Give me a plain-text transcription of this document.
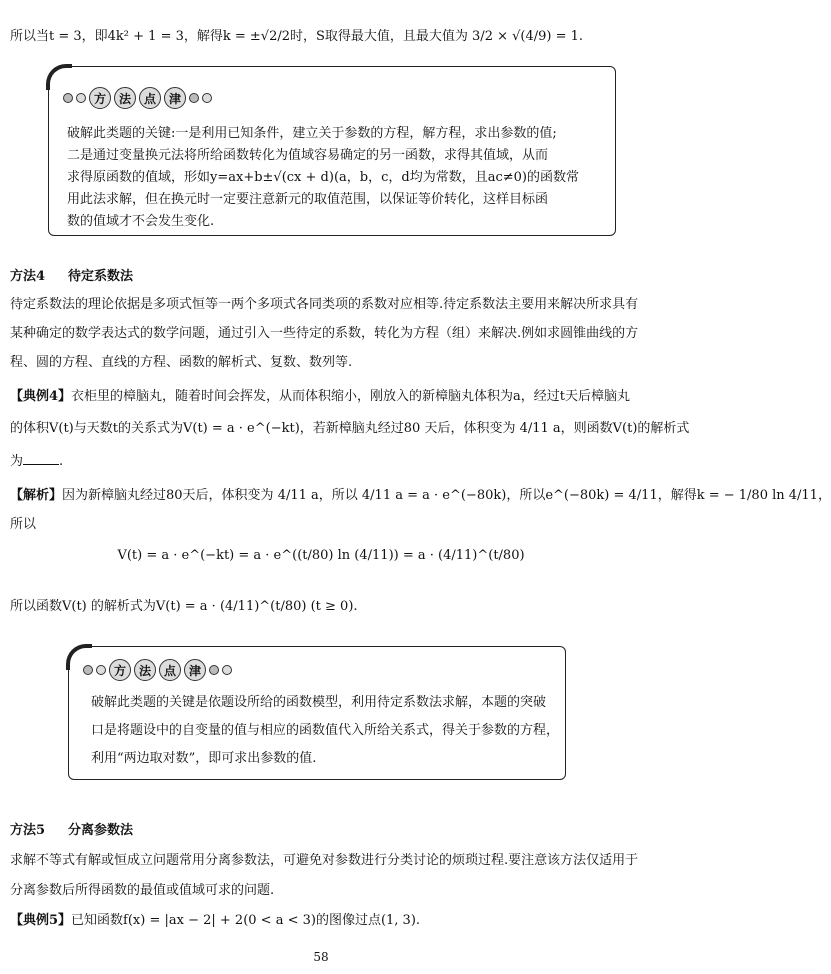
所以当t = 3，即4k² + 1 = 3，解得k = ±√2/2时，S取得最大值，且最大值为 3/2 × √(4/9) = 1.
方	法	点	津
破解此类题的关键:一是利用已知条件，建立关于参数的方程，解方程，求出参数的值;
二是通过变量换元法将所给函数转化为值域容易确定的另一函数，求得其值域，从而
求得原函数的值域，形如y=ax+b±√(cx + d)(a，b，c，d均为常数，且ac≠0)的函数常
用此法求解，但在换元时一定要注意新元的取值范围，以保证等价转化，这样目标函
数的值域才不会发生变化.
方法4 待定系数法
待定系数法的理论依据是多项式恒等一两个多项式各同类项的系数对应相等.待定系数法主要用来解决所求具有
某种确定的数学表达式的数学问题，通过引入一些待定的系数，转化为方程（组）来解决.例如求圆锥曲线的方
程、圆的方程、直线的方程、函数的解析式、复数、数列等.
【典例4】衣柜里的樟脑丸，随着时间会挥发，从而体积缩小，刚放入的新樟脑丸体积为a，经过t天后樟脑丸
的体积V(t)与天数t的关系式为V(t) = a · e^(−kt)，若新樟脑丸经过80 天后，体积变为 4/11 a，则函数V(t)的解析式
为	.
【解析】因为新樟脑丸经过80天后，体积变为 4/11 a，所以 4/11 a = a · e^(−80k)，所以e^(−80k) = 4/11，解得k = − 1/80 ln 4/11，
所以
V(t) = a · e^(−kt) = a · e^((t/80) ln (4/11)) = a · (4/11)^(t/80)
所以函数V(t) 的解析式为V(t) = a · (4/11)^(t/80) (t ≥ 0).
方	法	点	津
破解此类题的关键是依题设所给的函数模型，利用待定系数法求解，本题的突破
口是将题设中的自变量的值与相应的函数值代入所给关系式，得关于参数的方程，
利用“两边取对数”，即可求出参数的值.
方法5 分离参数法
求解不等式有解或恒成立问题常用分离参数法，可避免对参数进行分类讨论的烦琐过程.要注意该方法仅适用于
分离参数后所得函数的最值或值域可求的问题.
【典例5】已知函数f(x) = |ax − 2| + 2(0 < a < 3)的图像过点(1, 3).
58
